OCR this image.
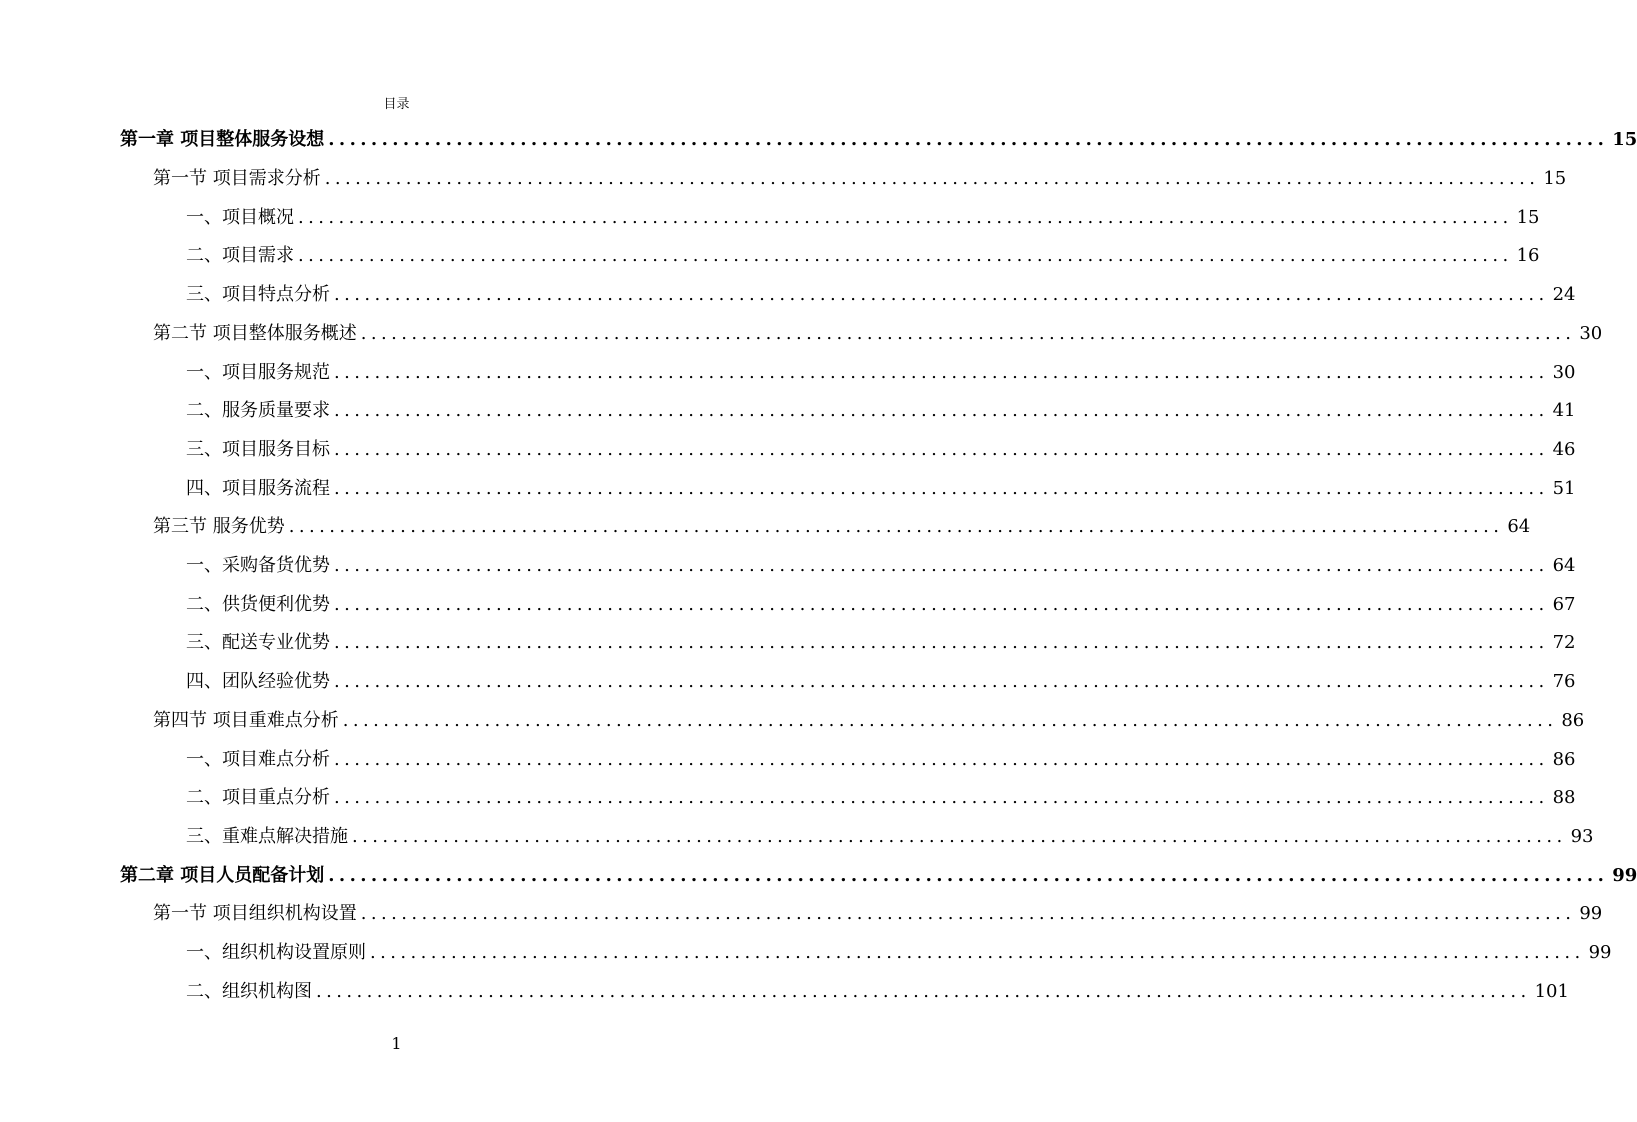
目录
第一章 项目整体服务设想 ........................................................................................................................ 15
第一节 项目需求分析 ........................................................................................................................ 15
一、项目概况 ........................................................................................................................ 15
二、项目需求 ........................................................................................................................ 16
三、项目特点分析 ........................................................................................................................ 24
第二节 项目整体服务概述 ........................................................................................................................ 30
一、项目服务规范 ........................................................................................................................ 30
二、服务质量要求 ........................................................................................................................ 41
三、项目服务目标 ........................................................................................................................ 46
四、项目服务流程 ........................................................................................................................ 51
第三节 服务优势 ........................................................................................................................ 64
一、采购备货优势 ........................................................................................................................ 64
二、供货便利优势 ........................................................................................................................ 67
三、配送专业优势 ........................................................................................................................ 72
四、团队经验优势 ........................................................................................................................ 76
第四节 项目重难点分析 ........................................................................................................................ 86
一、项目难点分析 ........................................................................................................................ 86
二、项目重点分析 ........................................................................................................................ 88
三、重难点解决措施 ........................................................................................................................ 93
第二章 项目人员配备计划 ........................................................................................................................ 99
第一节 项目组织机构设置 ........................................................................................................................ 99
一、组织机构设置原则 ........................................................................................................................ 99
二、组织机构图 ........................................................................................................................ 101
1
